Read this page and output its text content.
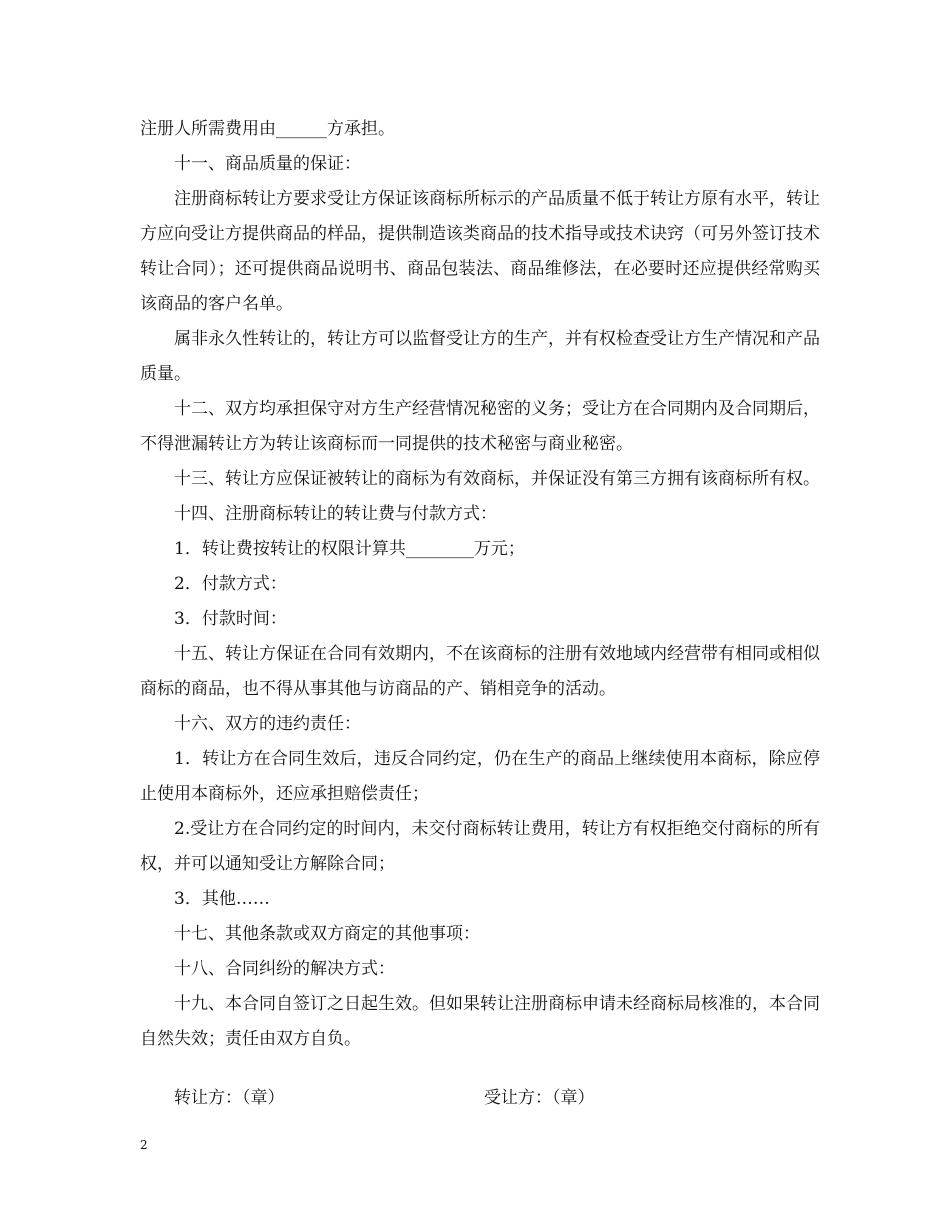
注册人所需费用由______方承担。

十一、商品质量的保证：

注册商标转让方要求受让方保证该商标所标示的产品质量不低于转让方原有水平，转让方应向受让方提供商品的样品，提供制造该类商品的技术指导或技术诀窍（可另外签订技术转让合同）；还可提供商品说明书、商品包装法、商品维修法，在必要时还应提供经常购买该商品的客户名单。

属非永久性转让的，转让方可以监督受让方的生产，并有权检查受让方生产情况和产品质量。

十二、双方均承担保守对方生产经营情况秘密的义务；受让方在合同期内及合同期后，不得泄漏转让方为转让该商标而一同提供的技术秘密与商业秘密。

十三、转让方应保证被转让的商标为有效商标，并保证没有第三方拥有该商标所有权。

十四、注册商标转让的转让费与付款方式：

1．转让费按转让的权限计算共________万元；

2．付款方式：

3．付款时间：

十五、转让方保证在合同有效期内，不在该商标的注册有效地域内经营带有相同或相似商标的商品，也不得从事其他与访商品的产、销相竞争的活动。

十六、双方的违约责任：

1．转让方在合同生效后，违反合同约定，仍在生产的商品上继续使用本商标，除应停止使用本商标外，还应承担赔偿责任；

2.受让方在合同约定的时间内，未交付商标转让费用，转让方有权拒绝交付商标的所有权，并可以通知受让方解除合同；

3．其他……

十七、其他条款或双方商定的其他事项：

十八、合同纠纷的解决方式：

十九、本合同自签订之日起生效。但如果转让注册商标申请未经商标局核准的，本合同自然失效；责任由双方自负。

转让方：（章）	受让方：（章）
2
